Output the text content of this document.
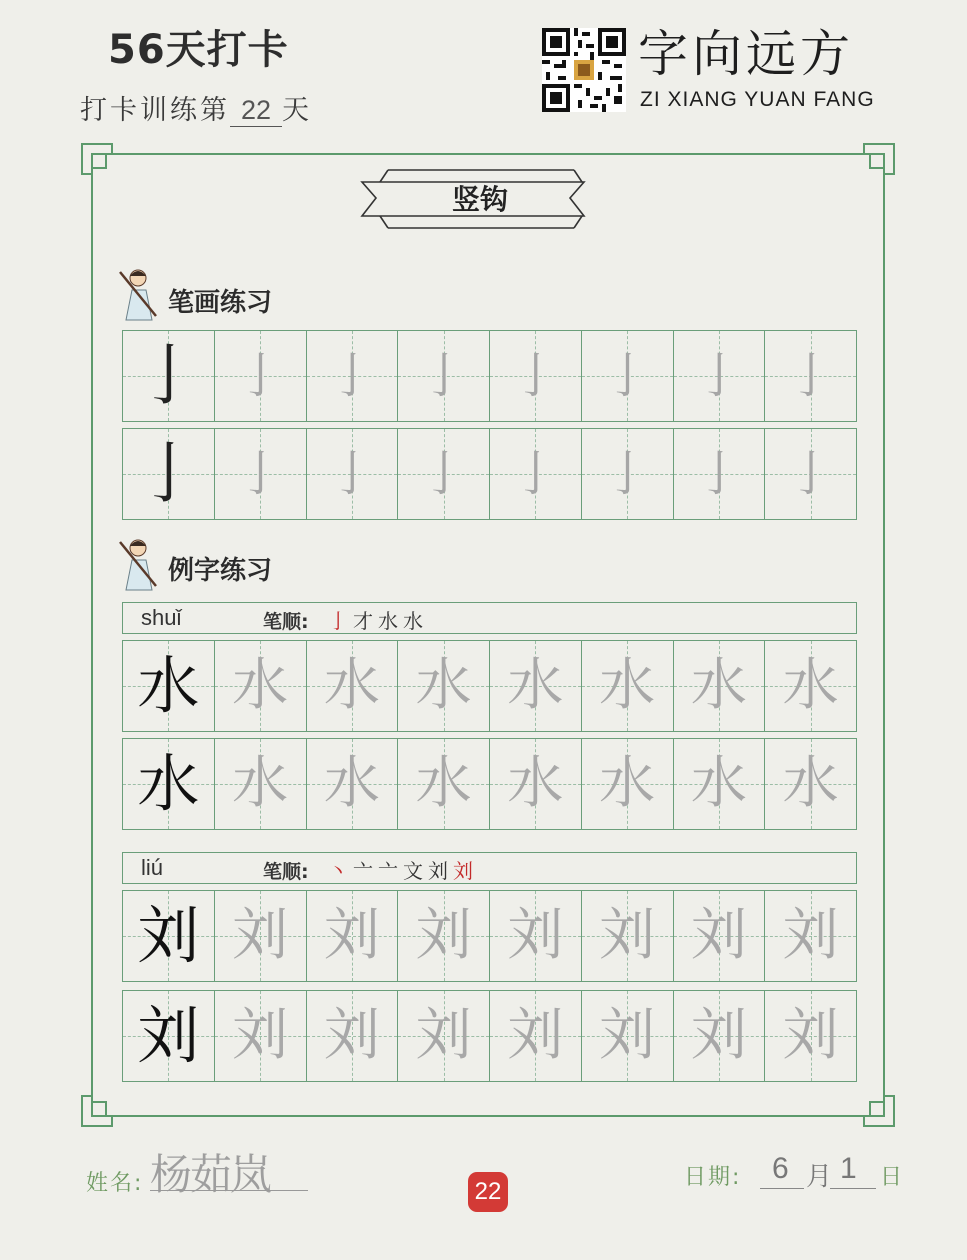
56天打卡
打卡训练第 22 天
字向远方
ZI XIANG YUAN FANG
竖钩
笔画练习
亅 亅 亅 亅 亅 亅 亅 亅
亅 亅 亅 亅 亅 亅 亅 亅
例字练习
shuǐ	笔顺: 亅才水水
水 水 水 水 水 水 水 水
水 水 水 水 水 水 水 水
liú	笔顺: 丶亠亠文刘刘
刘 刘 刘 刘 刘 刘 刘 刘
刘 刘 刘 刘 刘 刘 刘 刘
姓名: 杨茹岚	22
日期: 6 月 1 日
